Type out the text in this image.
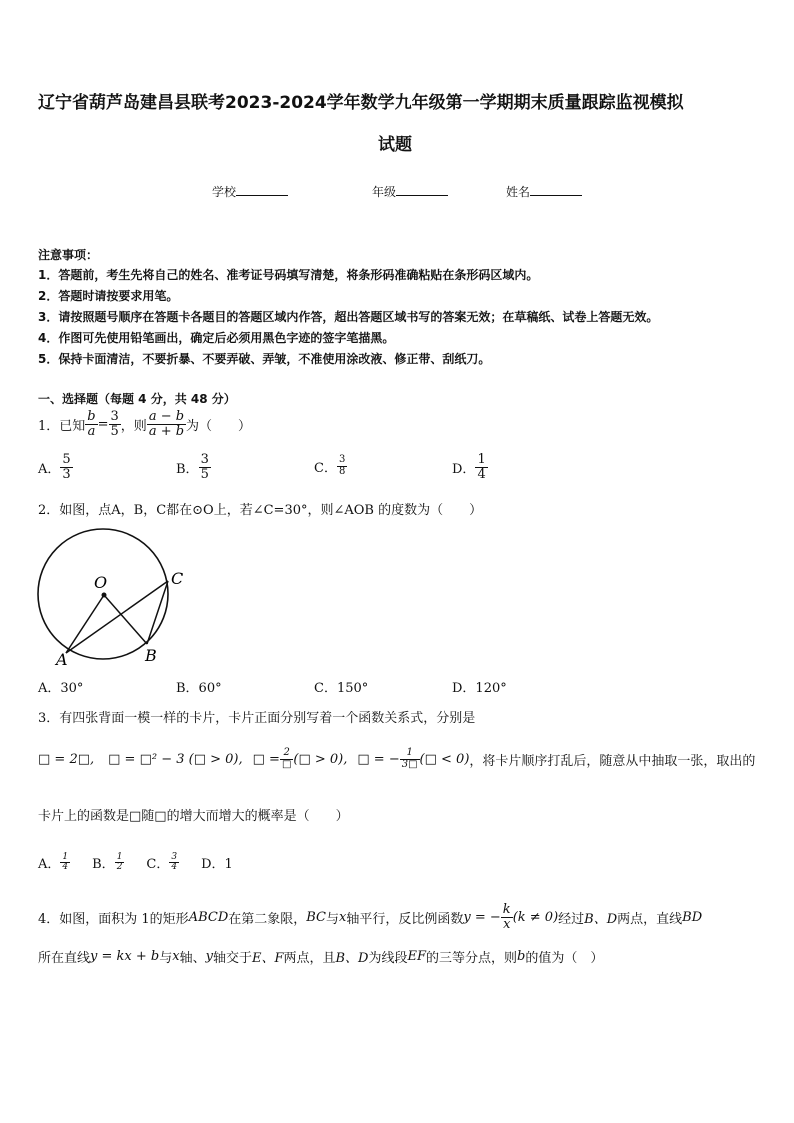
辽宁省葫芦岛建昌县联考2023-2024学年数学九年级第一学期期末质量跟踪监视模拟
试题
学校	年级	姓名
注意事项：
1．答题前，考生先将自己的姓名、准考证号码填写清楚，将条形码准确粘贴在条形码区域内。
2．答题时请按要求用笔。
3．请按照题号顺序在答题卡各题目的答题区域内作答，超出答题区域书写的答案无效；在草稿纸、试卷上答题无效。
4．作图可先使用铅笔画出，确定后必须用黑色字迹的签字笔描黑。
5．保持卡面清洁，不要折暴、不要弄破、弄皱，不准使用涂改液、修正带、刮纸刀。
一、选择题（每题 4 分，共 48 分）
1．已知 $\frac{b}{a} = \frac{3}{5}$ ，则 $\frac{a - b}{a + b}$ 为（　　）
A． $\frac{5}{3}$	B． $\frac{3}{5}$	C． $\frac{3}{8}$	D． $\frac{1}{4}$
2．如图，点A，B，C都在⊙O上，若∠C=30°，则∠AOB 的度数为（　　）
O
A	B
C
A．30°	B．60°	C．150°	D．120°
3．有四张背面一模一样的卡片，卡片正面分别写着一个函数关系式，分别是
□ = 2□, □ = □² − 3 (□ > 0), □ = $\frac{2}{□}$ (□ > 0), □ = − $\frac{1}{3□}$ (□ < 0) ，将卡片顺序打乱后，随意从中抽取一张，取出的
卡片上的函数是□随□的增大而增大的概率是（　　）
A． $\frac{1}{4}$ B． $\frac{1}{2}$ C． $\frac{3}{4}$ D．1
4．如图，面积为 1的矩形 ABCD 在第二象限， BC 与 x 轴平行，反比例函数 y = − $\frac{k}{x} (k \ne 0)$ 经过 B、D 两点，直线 BD
所在直线 y = kx + b 与 x 轴、 y 轴交于 E、F 两点，且 B、D 为线段 EF 的三等分点，则 b 的值为（　）
